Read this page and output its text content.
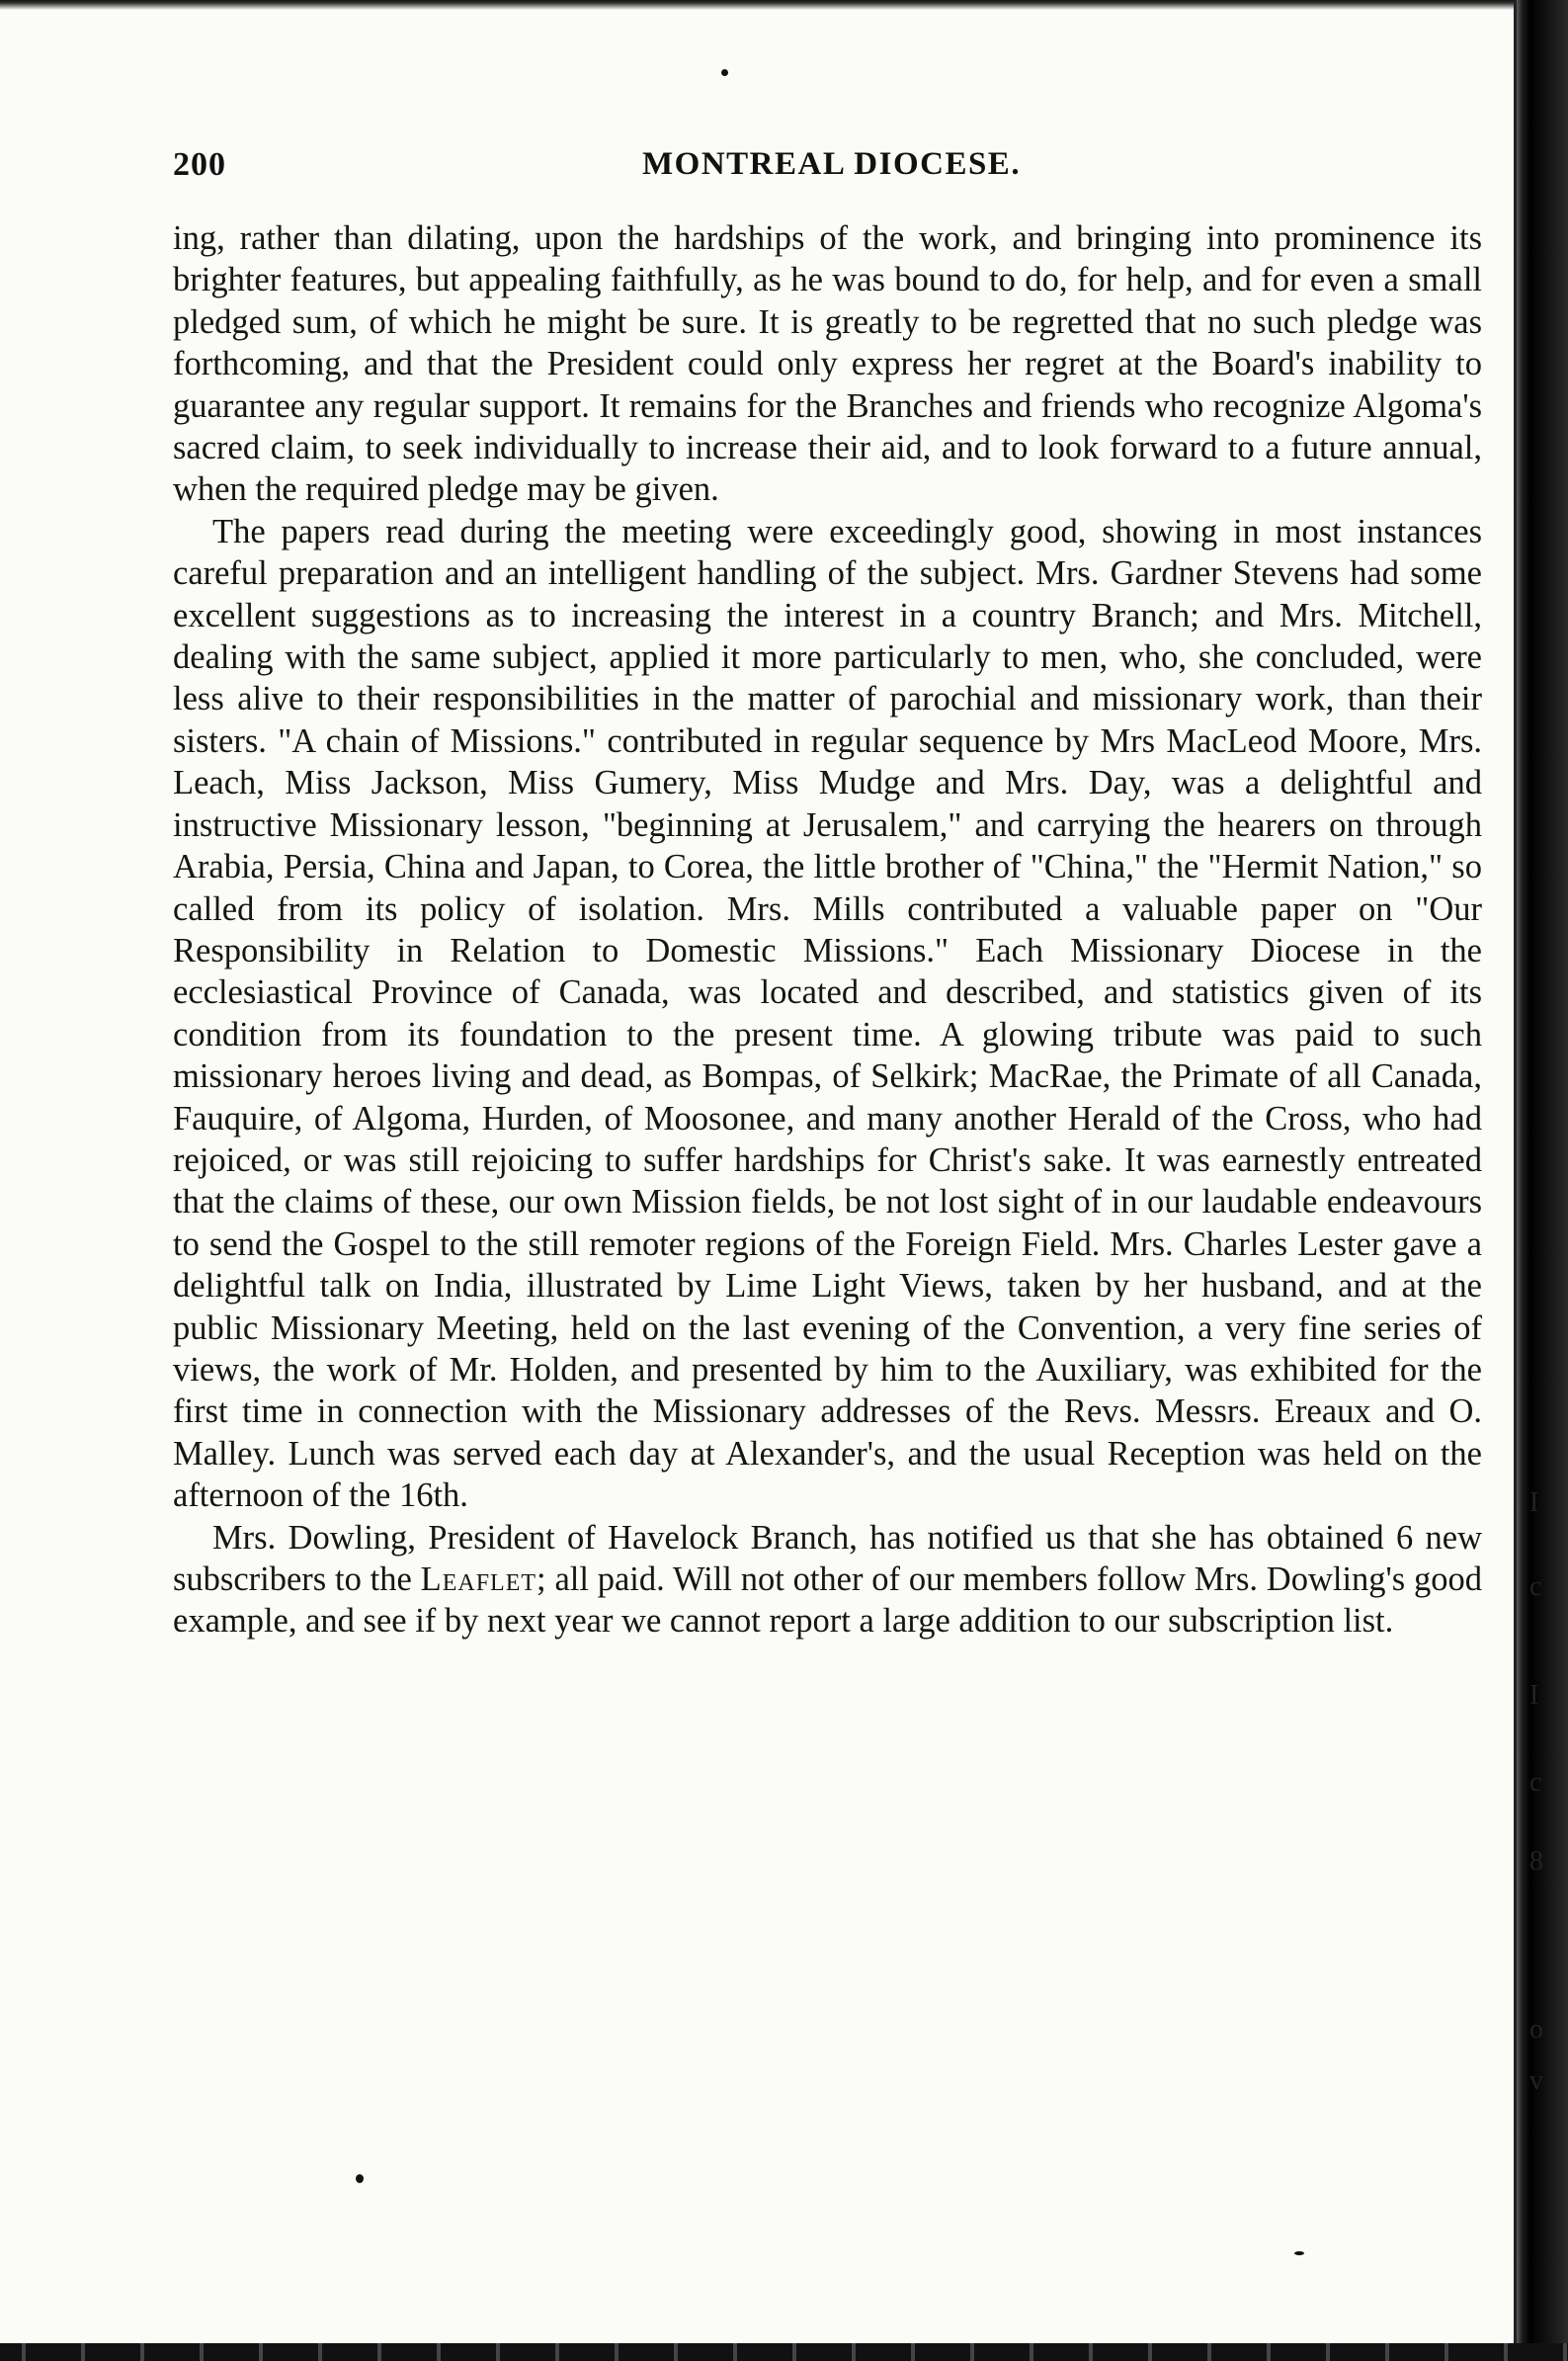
200	MONTREAL DIOCESE.

ing, rather than dilating, upon the hardships of the work, and bringing into prominence its brighter features, but appealing faithfully, as he was bound to do, for help, and for even a small pledged sum, of which he might be sure. It is greatly to be regretted that no such pledge was forthcoming, and that the President could only express her regret at the Board's inability to guarantee any regular support. It remains for the Branches and friends who recognize Algoma's sacred claim, to seek individually to increase their aid, and to look forward to a future annual, when the required pledge may be given.

The papers read during the meeting were exceedingly good, showing in most instances careful preparation and an intelligent handling of the subject. Mrs. Gardner Stevens had some excellent suggestions as to increasing the interest in a country Branch; and Mrs. Mitchell, dealing with the same subject, applied it more particularly to men, who, she concluded, were less alive to their responsibilities in the matter of parochial and missionary work, than their sisters. "A chain of Missions." contributed in regular sequence by Mrs MacLeod Moore, Mrs. Leach, Miss Jackson, Miss Gumery, Miss Mudge and Mrs. Day, was a delightful and instructive Missionary lesson, "beginning at Jerusalem," and carrying the hearers on through Arabia, Persia, China and Japan, to Corea, the little brother of "China," the "Hermit Nation," so called from its policy of isolation. Mrs. Mills contributed a valuable paper on "Our Responsibility in Relation to Domestic Missions." Each Missionary Diocese in the ecclesiastical Province of Canada, was located and described, and statistics given of its condition from its foundation to the present time. A glowing tribute was paid to such missionary heroes living and dead, as Bompas, of Selkirk; MacRae, the Primate of all Canada, Fauquire, of Algoma, Hurden, of Moosonee, and many another Herald of the Cross, who had rejoiced, or was still rejoicing to suffer hardships for Christ's sake. It was earnestly entreated that the claims of these, our own Mission fields, be not lost sight of in our laudable endeavours to send the Gospel to the still remoter regions of the Foreign Field. Mrs. Charles Lester gave a delightful talk on India, illustrated by Lime Light Views, taken by her husband, and at the public Missionary Meeting, held on the last evening of the Convention, a very fine series of views, the work of Mr. Holden, and presented by him to the Auxiliary, was exhibited for the first time in connection with the Missionary addresses of the Revs. Messrs. Ereaux and O. Malley. Lunch was served each day at Alexander's, and the usual Reception was held on the afternoon of the 16th.

Mrs. Dowling, President of Havelock Branch, has notified us that she has obtained 6 new subscribers to the Leaflet; all paid. Will not other of our members follow Mrs. Dowling's good example, and see if by next year we cannot report a large addition to our subscription list.

I
c
I
c
8
o
v
